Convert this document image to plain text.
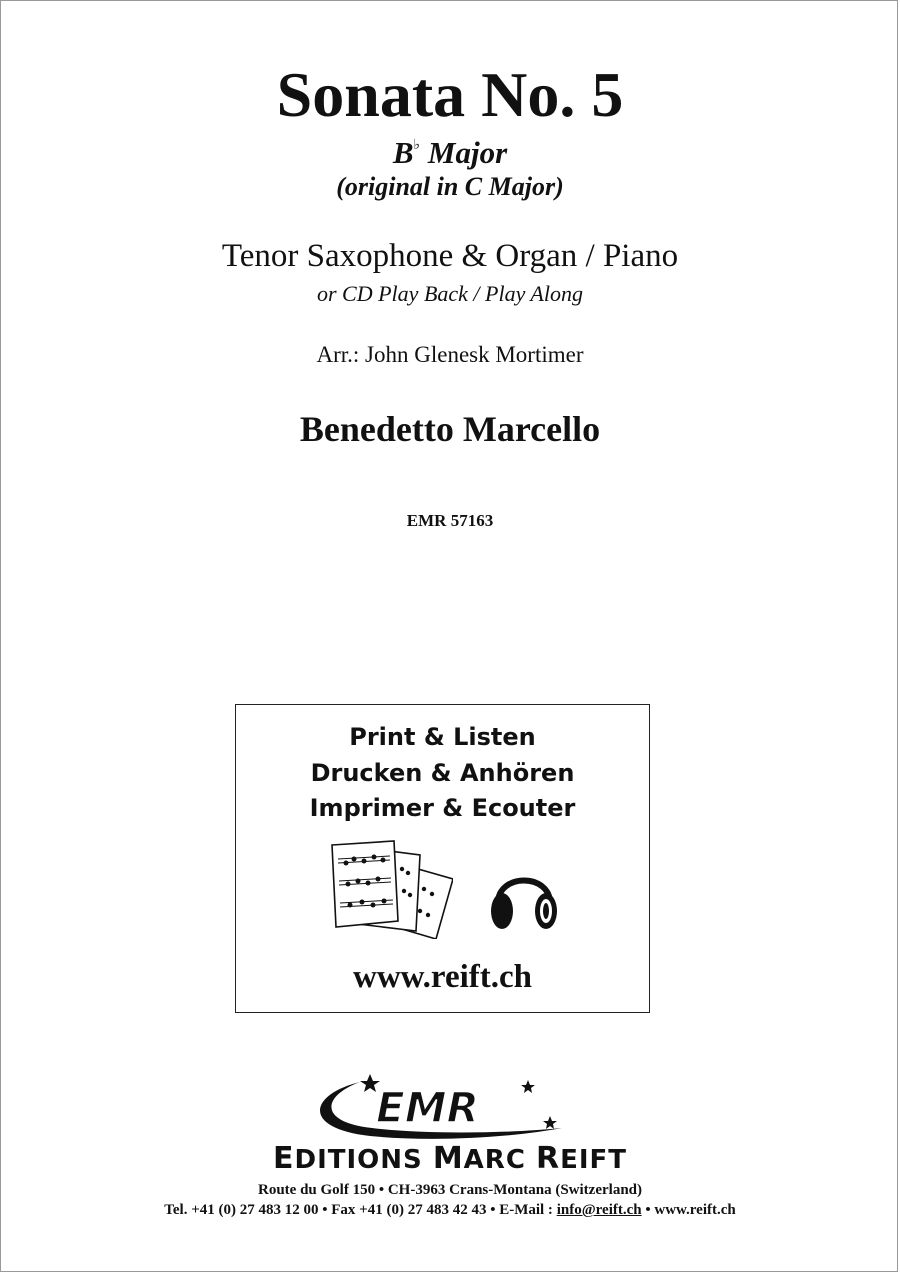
Sonata No. 5
B♭ Major
(original in C Major)
Tenor Saxophone & Organ / Piano
or CD Play Back / Play Along
Arr.: John Glenesk Mortimer
Benedetto Marcello
EMR 57163
Print & Listen
Drucken & Anhören
Imprimer & Ecouter
www.reift.ch
EMR
EDITIONS MARC REIFT
Route du Golf 150 • CH-3963 Crans-Montana (Switzerland)
Tel. +41 (0) 27 483 12 00 • Fax +41 (0) 27 483 42 43 • E-Mail : info@reift.ch • www.reift.ch
